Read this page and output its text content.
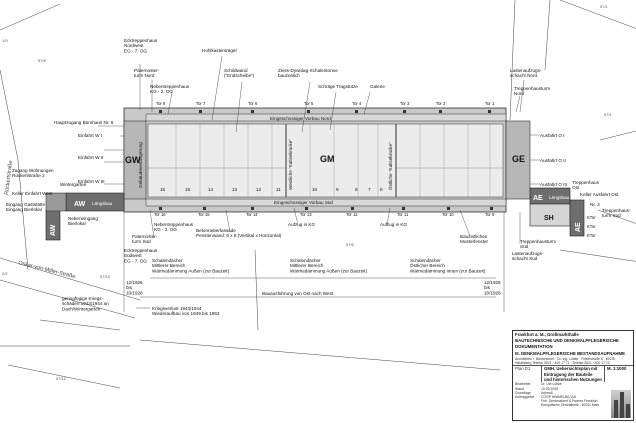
1/9
57/5
57/1
57/6
2/2
57/10
57/12
57/1
Rückertstraße
Oskar-von-Miller-Straße
GW	GM	GE
AW Längsbau
AE Längsbau
SH
AW	AE
Gebäudeverlängerung	Westliche "Kaltsebrücke"	Östliche "Kaltsebrücke"
Eingeschossiger Vorbau Nord
Eingeschossiger Vorbau Süd
Tor 8	Tor 7	Tor 6	Tor 5	Tor 4	Tor 3	Tor 2	Tor 1
Tor 16	Tor 15	Tor 14	Tor 13	Tor 12	Tor 11	Tor 10	Tor 9
16	15	14	13	12	11	10	9	8 7 6
Ecktreppenhaus Nordwest EG - 7. OG
Paternoster-turm Nord
Nebentreppenhaus KG - 2. OG
Hohlkastenträger
Schildwand ("Endscheibe")
Zeiss-Dywidag-Schalentonne bauzeitlich
Schräge Tragstütze	Galerie
Lastenaufzugs-schacht Nord
Treppenhausturm Nord
Hauptzugang Bürohaus Nr. 6
Einfahrt W I
Einfahrt W II
Einfahrt W III
Zugang Wohnungen Rückertstraße 2
Keller Einfahrt West
Wintergarten
Eingang Gaststätte Eingang Bierlokal
Nebeneingang Bierlokal
Ausfahrt O I
Ausfahrt O II
Ausfahrt O III Treppenhaus Ost
Keller Ausfahrt Ost
Nr. 3
KTor
KTor
KTor
Treppenhaus-turm Süd
Lastenaufzugs-schacht Süd
Treppenhausturm Süd
Paternoster-turm Süd
Ecktreppenhaus Südwest EG - 7. OG
Nebentreppenhaus KG - 2. OG	Betonrasterfassade Penstenwand: 6 x 9 (Vertikal x Horizontal)
Aufzug in KG	Aufzug in KG
Bauzeitliches Musterfenster
Schalendächer Mittlerer Bereich Wärmedämmung Außen (zur Bauzeit)
Schalendächer Mittlerer Bereich Wärmedämmung Außen (zur Bauzeit)
Schalendächer Östlicher Bereich Wärmedämmung Innen (zur Bauzeit)
12/1926 bis 10/1928
12/1926 bis 10/1928
Bauausführung von Ost nach West
geringfügige Kriegs-schäden 1943/1944 an Dach/Wintergarten	Kriegsverlust 1943/1944 Wiederaufbau von 1949 bis 1953
Frankfurt a. M., Großmarkthalle
BAUTECHNISCHE UND DENKMALPFLEGERISCHE
DOKUMENTATION
III. DENKMALPFLEGERISCHE BESTANDSAUFNAHME
Architekten + Bauforscher · Dr.-Ing. Lüttke · Rheinstraße 6 · 69115 Heidelberg Telefon 0621 / 400 17 71 · Telefax 0621 / 400 17 72
Plan D1	GMH, Uebersichtsplan mit
Eintragung der Bauteile
und historischen Nutzungen
M. 1:1000
Bearbeitet	Dr. Ute Lüttke
Stand	10.05.2008
Grundlage	Aufmaß
Auftraggeber	COOP HIMMELB(L)AU
Frei, Denkmalamt & Partner Frankfurt
Europäische Zentralbank · 60311 Main
